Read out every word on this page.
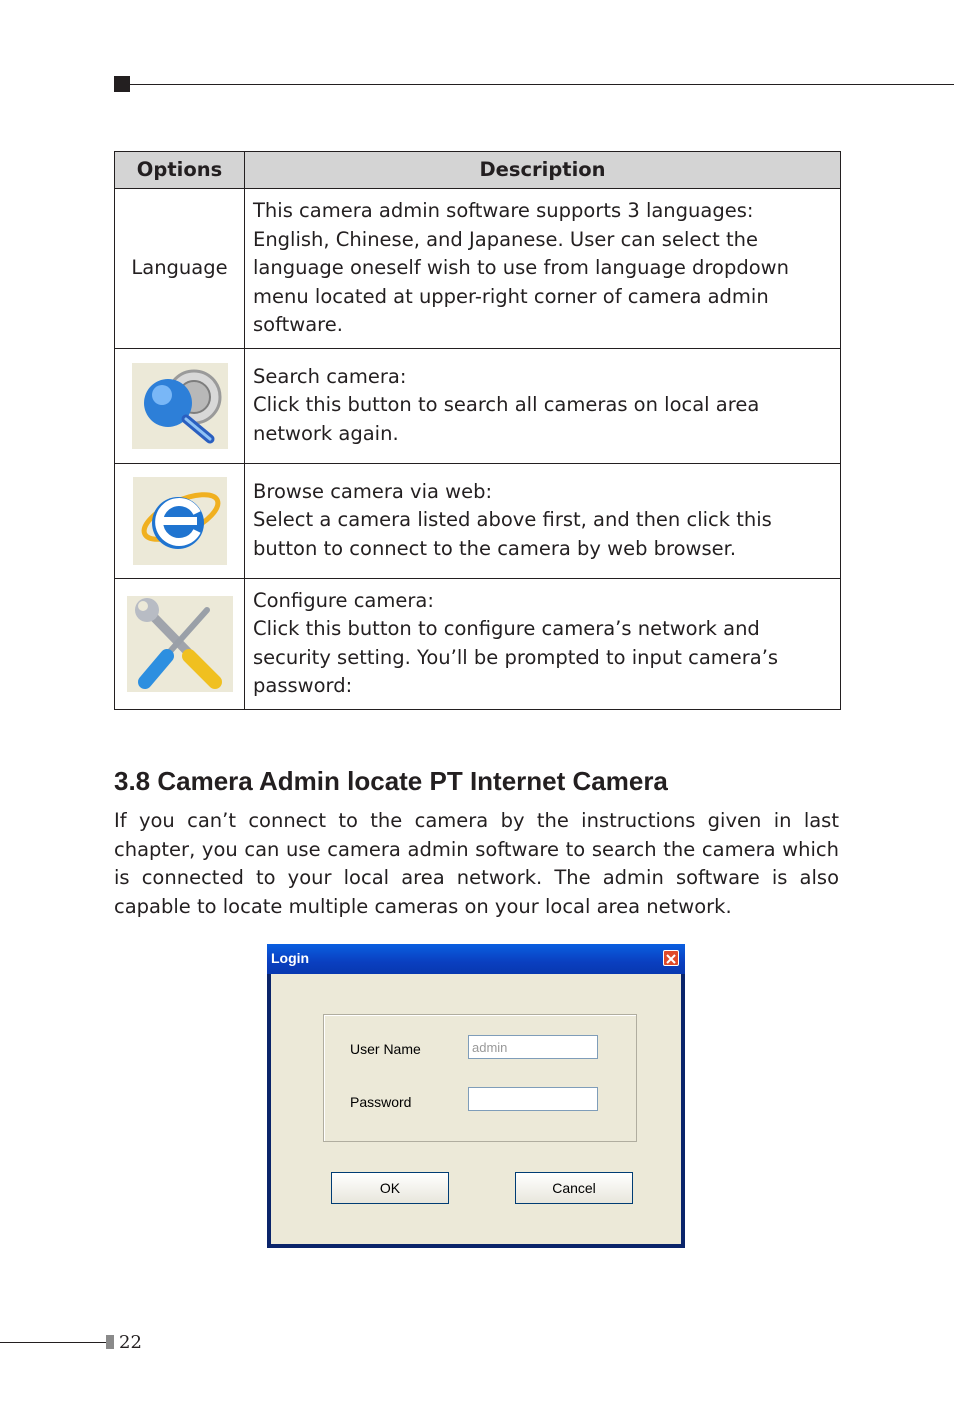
Options	Description
Language	This camera admin software supports 3 languages:
English, Chinese, and Japanese. User can select the
language oneself wish to use from language dropdown
menu located at upper-right corner of camera admin
software.

Search camera:
Click this button to search all cameras on local area
network again.

Browse camera via web:
Select a camera listed above first, and then click this
button to connect to the camera by web browser.

Configure camera:
Click this button to configure camera’s network and
security setting. You’ll be prompted to input camera’s
password:
3.8 Camera Admin locate PT Internet Camera

If you can’t connect to the camera by the instructions given in last chapter, you can use camera admin software to search the camera which is connected to your local area network. The admin software is also capable to locate multiple cameras on your local area network.

Login
User Name
admin
Password
OK	Cancel
22
